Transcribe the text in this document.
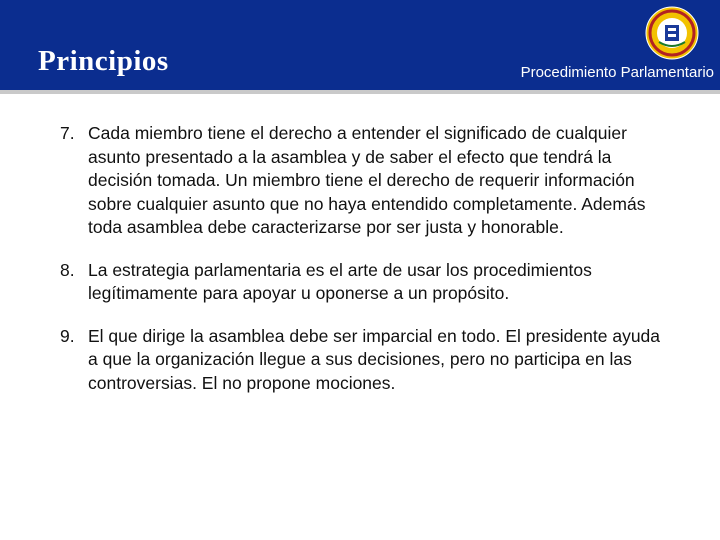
Principios	Procedimiento Parlamentario
7. Cada miembro tiene el derecho a entender el significado de cualquier asunto presentado a la asamblea y de saber el efecto que tendrá la decisión tomada. Un miembro tiene el derecho de requerir información sobre cualquier asunto que no haya entendido completamente. Además toda asamblea debe caracterizarse por ser justa y honorable.
8. La estrategia parlamentaria es el arte de usar los procedimientos legítimamente para apoyar u oponerse a un propósito.
9. El que dirige la asamblea debe ser imparcial en todo. El presidente ayuda a que la organización llegue a sus decisiones, pero no participa en las controversias. El no propone mociones.
